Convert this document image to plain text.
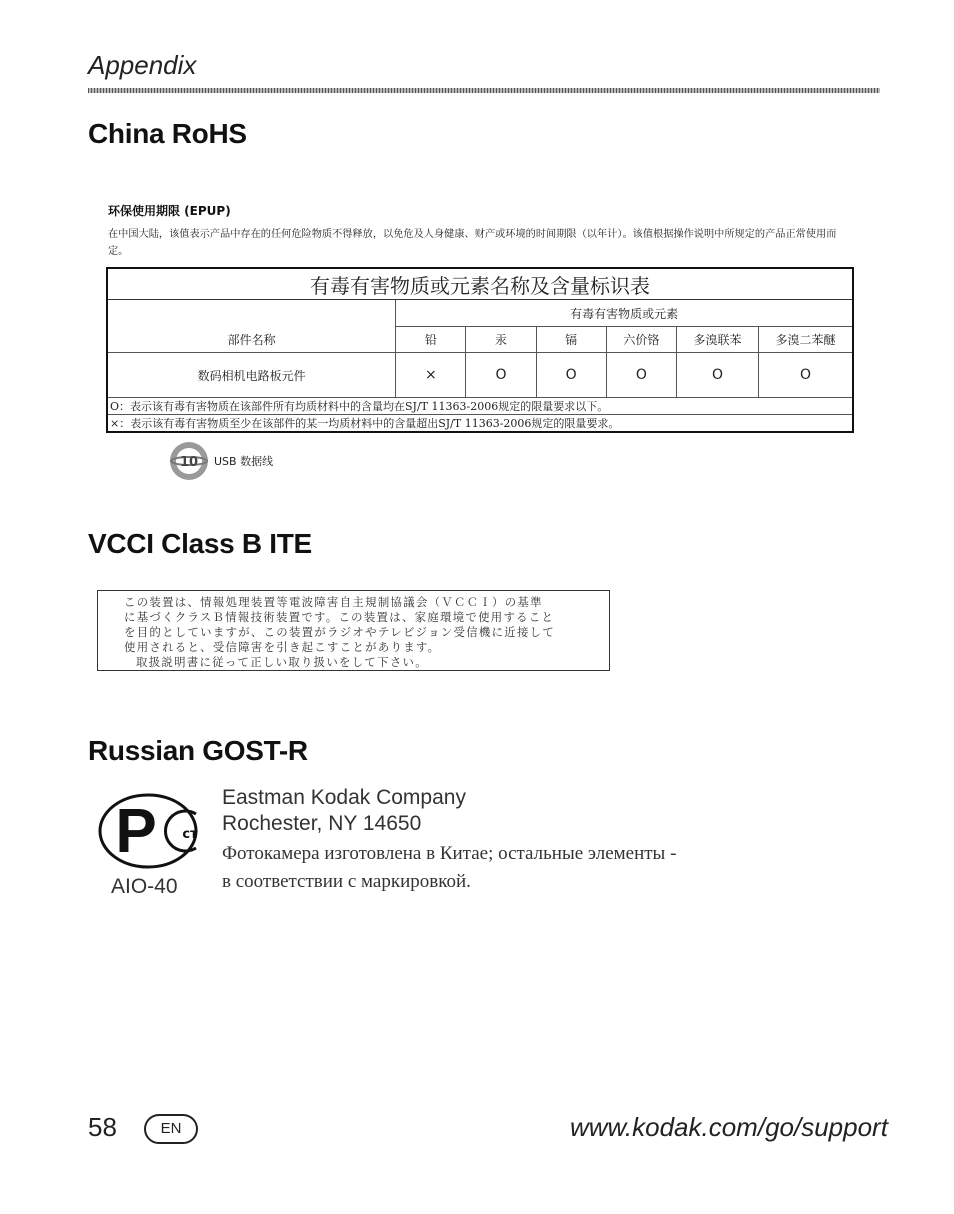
Appendix
China RoHS
环保使用期限 (EPUP)
在中国大陆，该值表示产品中存在的任何危险物质不得释放，以免危及人身健康、财产或环境的时间期限（以年计）。该值根据操作说明中所规定的产品正常使用而定。
有毒有害物质或元素名称及含量标识表						
部件名称	有毒有害物质或元素					
	铅	汞	镉	六价铬	多溴联苯	多溴二苯醚
数码相机电路板元件	×	O	O	O	O	O
O：表示该有毒有害物质在该部件所有均质材料中的含量均在SJ/T 11363-2006规定的限量要求以下。						
×：表示该有毒有害物质至少在该部件的某一均质材料中的含量超出SJ/T 11363-2006规定的限量要求。						
10 USB 数据线
VCCI Class B ITE
この装置は、情報処理装置等電波障害自主規制協議会（ＶＣＣＩ）の基準
に基づくクラスＢ情報技術装置です。この装置は、家庭環境で使用すること
を目的としていますが、この装置がラジオやテレビジョン受信機に近接して
使用されると、受信障害を引き起こすことがあります。
取扱説明書に従って正しい取り扱いをして下さい。
Russian GOST-R
P ст
AIO-40
Eastman Kodak Company
Rochester, NY 14650
Фотокамера изготовлена в Китае; остальные элементы -
в соответствии с маркировкой.
58	EN	www.kodak.com/go/support
